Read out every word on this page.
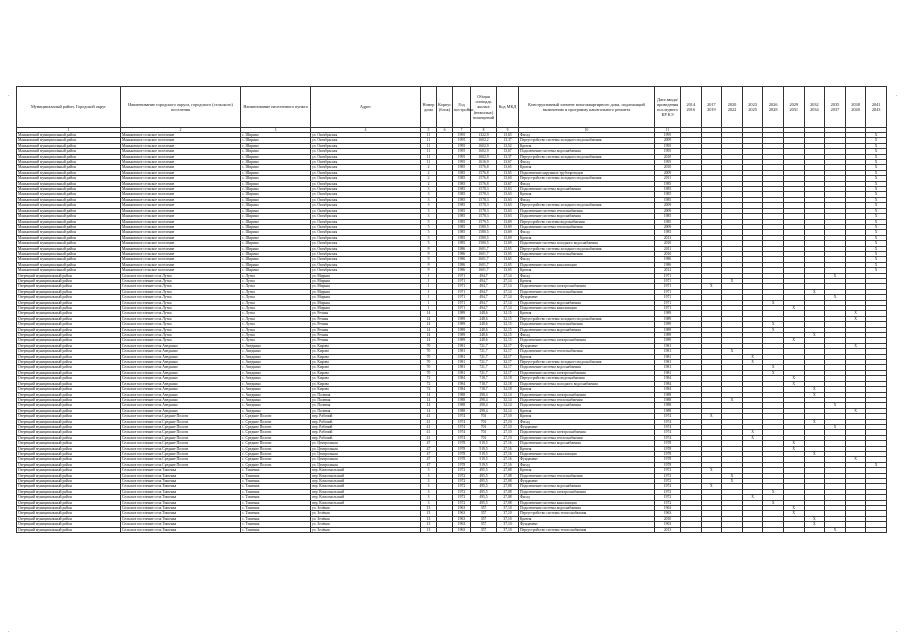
.	.
.	.
Муниципальный район, Городской округ	Наименование городского округа, городского (сельского) поселения	Наименование населенного пункта	Адрес	Номер дома	Корпус (блок)	Год постройки	Общая площадь жилых (нежилых) помещений	Код МКД	Конструктивный элемент многоквартирного дома, подлежащий включению в программу капитального ремонта	Дата ввода/ проведения последнего КР КЭ	2014 2016	2017 2019	2020 2022	2023 2025	2026 2028	2029 2031	2032 2034	2035 2037	2038 2040	2041 2043
1	2	3	4	5	6	7	8	9	10	11										
Маньковский муниципальный район	Маньковское сельское поселение	с. Ширино	ул. Октябрьская	11		1995	1322,9	13,65	Фасад	1995										X
Маньковский муниципальный район	Маньковское сельское поселение	с. Ширино	ул. Октябрьская	11		1995	1602,2	13,37	Переустройство системы холодного водоснабжения	2009										X
Маньковский муниципальный район	Маньковское сельское поселение	с. Ширино	ул. Октябрьская	11		1995	1602,9	13,52	Кровля	1995										X
Маньковский муниципальный район	Маньковское сельское поселение	с. Ширино	ул. Октябрьская	11		1995	1602,9	13,67	Подключение системы водоснабжения	1995										X
Маньковский муниципальный район	Маньковское сельское поселение	с. Ширино	ул. Октябрьская	11		1995	1602,9	13,37	Переустройство системы холодного водоснабжения	2010										X
Маньковский муниципальный район	Маньковское сельское поселение	с. Ширино	ул. Октябрьская	11		1995	1616,9	13,67	Фасад	1995										X
Маньковский муниципальный район	Маньковское сельское поселение	с. Ширино	ул. Октябрьская	2		1985	1576,8	13,65	Кровля	2010										X
Маньковский муниципальный район	Маньковское сельское поселение	с. Ширино	ул. Октябрьская	2		1985	1576,8	13,65	Подключение наружных трубопроводов	2009										X
Маньковский муниципальный район	Маньковское сельское поселение	с. Ширино	ул. Октябрьская	2		1985	1576,8	13,60	Переустройство системы холодного водоснабжения	2011										X
Маньковский муниципальный район	Маньковское сельское поселение	с. Ширино	ул. Октябрьская	2		1985	1576,8	13,67	Фасад	1985										X
Маньковский муниципальный район	Маньковское сельское поселение	с. Ширино	ул. Октябрьская	3		1985	1578,3	13,63	Подключение системы водоснабжения	1985										X
Маньковский муниципальный район	Маньковское сельское поселение	с. Ширино	ул. Октябрьская	3		1985	1578,3	13,63	Кровля	1985										X
Маньковский муниципальный район	Маньковское сельское поселение	с. Ширино	ул. Октябрьская	3		1985	1578,3	13,63	Фасад	1985										X
Маньковский муниципальный район	Маньковское сельское поселение	с. Ширино	ул. Октябрьская	3		1985	1578,3	13,63	Переустройство системы холодного водоснабжения	2009										X
Маньковский муниципальный район	Маньковское сельское поселение	с. Ширино	ул. Октябрьская	3		1985	1578,3	13,63	Подключение системы теплоснабжения	2009										X
Маньковский муниципальный район	Маньковское сельское поселение	с. Ширино	ул. Октябрьская	3		1985	1578,3	13,63	Подключение системы водоснабжения	1985										X
Маньковский муниципальный район	Маньковское сельское поселение	с. Ширино	ул. Октябрьская	5		1985	1579,5	13,69	Переустройство системы водоснабжения	1985										X
Маньковский муниципальный район	Маньковское сельское поселение	с. Ширино	ул. Октябрьская	5		1985	1580,5	13,69	Подключение системы теплоснабжения	2009										X
Маньковский муниципальный район	Маньковское сельское поселение	с. Ширино	ул. Октябрьская	5		1985	1580,5	13,69	Фасад	1985										X
Маньковский муниципальный район	Маньковское сельское поселение	с. Ширино	ул. Октябрьская	5		1985	1580,5	13,69	Кровля	2013										X
Маньковский муниципальный район	Маньковское сельское поселение	с. Ширино	ул. Октябрьская	5		1985	1580,5	13,69	Подключение системы холодного водоснабжения	2010										X
Маньковский муниципальный район	Маньковское сельское поселение	с. Ширино	ул. Октябрьская	9		1986	1601,7	13,65	Переустройство системы холодного водоснабжения	2011										X
Маньковский муниципальный район	Маньковское сельское поселение	с. Ширино	ул. Октябрьская	9		1986	1601,7	13,65	Подключение системы теплоснабжения	2010										X
Маньковский муниципальный район	Маньковское сельское поселение	с. Ширино	ул. Октябрьская	9		1986	1601,7	13,65	Фасад	1986										X
Маньковский муниципальный район	Маньковское сельское поселение	с. Ширино	ул. Октябрьская	9		1986	1601,7	13,65	Подключение системы канализации	1986										X
Маньковский муниципальный район	Маньковское сельское поселение	с. Ширино	ул. Октябрьская	9		1986	1601,7	13,65	Кровля	2012										X
Озерецкий муниципальный район	Сельское поселение села Лутка	с. Лутка	ул. Мирная	1		1971	494,7	27,14	Фасад	1971								X		
Озерецкий муниципальный район	Сельское поселение села Лутка	с. Лутка	ул. Мирная	1		1971	494,7	27,14	Кровля	1971			X							
Озерецкий муниципальный район	Сельское поселение села Лутка	с. Лутка	ул. Мирная	1		1971	494,7	27,14	Подключение системы электроснабжения	1971		X								
Озерецкий муниципальный район	Сельское поселение села Лутка	с. Лутка	ул. Мирная	1		1971	494,7	27,14	Подключение системы теплоснабжения	1971							X			
Озерецкий муниципальный район	Сельское поселение села Лутка	с. Лутка	ул. Мирная	1		1971	494,7	27,14	Фундамент	1971								X		
Озерецкий муниципальный район	Сельское поселение села Лутка	с. Лутка	ул. Мирная	1		1971	494,7	27,14	Подключение системы водоснабжения	1971					X					
Озерецкий муниципальный район	Сельское поселение села Лутка	с. Лутка	ул. Мирная	1		1971	494,7	27,14	Подключение системы канализации	1971						X				
Озерецкий муниципальный район	Сельское поселение села Лутка	с. Лутка	ул. Речная	14		1989	248,6	32,15	Кровля	1989									X	
Озерецкий муниципальный район	Сельское поселение села Лутка	с. Лутка	ул. Речная	14		1989	248,6	32,15	Переустройство системы холодного водоснабжения	1989									X	
Озерецкий муниципальный район	Сельское поселение села Лутка	с. Лутка	ул. Речная	14		1989	248,6	32,15	Подключение системы теплоснабжения	1989					X					
Озерецкий муниципальный район	Сельское поселение села Лутка	с. Лутка	ул. Речная	14		1989	248,6	32,15	Подключение системы водоснабжения	1989					X					
Озерецкий муниципальный район	Сельское поселение села Лутка	с. Лутка	ул. Речная	14		1989	248,6	32,15	Фасад	1989							X			
Озерецкий муниципальный район	Сельское поселение села Лутка	с. Лутка	ул. Речная	14		1989	248,6	32,15	Подключение системы электроснабжения	1989						X				
Озерецкий муниципальный район	Сельское поселение села Аведкино	с. Аведкино	ул. Кирова	70		1981	721,7	32,17	Фундамент	1981									X	
Озерецкий муниципальный район	Сельское поселение села Аведкино	с. Аведкино	ул. Кирова	70		1981	721,7	32,17	Подключение системы теплоснабжения	1981			X							
Озерецкий муниципальный район	Сельское поселение села Аведкино	с. Аведкино	ул. Кирова	70		1981	721,7	32,17	Кровля	1981				X						
Озерецкий муниципальный район	Сельское поселение села Аведкино	с. Аведкино	ул. Кирова	70		1981	721,7	32,17	Переустройство системы холодного водоснабжения	1981				X						
Озерецкий муниципальный район	Сельское поселение села Аведкино	с. Аведкино	ул. Кирова	70		1981	721,7	32,17	Подключение системы водоснабжения	1981					X					
Озерецкий муниципальный район	Сельское поселение села Аведкино	с. Аведкино	ул. Кирова	70		1981	721,7	32,17	Подключение системы электроснабжения	1981					X					
Озерецкий муниципальный район	Сельское поселение села Аведкино	с. Аведкино	ул. Кирова	72		1984	718,7	32,18	Переустройство системы водоснабжения	1984						X				
Озерецкий муниципальный район	Сельское поселение села Аведкино	с. Аведкино	ул. Кирова	72		1984	718,7	32,18	Подключение системы холодного водоснабжения	1984						X				
Озерецкий муниципальный район	Сельское поселение села Аведкино	с. Аведкино	ул. Кирова	72		1984	718,7	32,18	Кровля	1984							X			
Озерецкий муниципальный район	Сельское поселение села Аведкино	с. Аведкино	ул. Полевая	14		1988	298,4	32,14	Подключение системы электроснабжения	1988							X			
Озерецкий муниципальный район	Сельское поселение села Аведкино	с. Аведкино	ул. Полевая	14		1988	298,4	32,14	Подключение системы теплоснабжения	1988			X							
Озерецкий муниципальный район	Сельское поселение села Аведкино	с. Аведкино	ул. Полевая	14		1988	298,4	32,14	Подключение системы водоснабжения	1988								X		
Озерецкий муниципальный район	Сельское поселение села Аведкино	с. Аведкино	ул. Полевая	14		1988	298,4	32,14	Кровля	1988									X	
Озерецкий муниципальный район	Сельское поселение села Средние Пологи	с. Средние Пологи	пер. Рабочий	41		1974	701	27,10	Кровля	1974		X								
Озерецкий муниципальный район	Сельское поселение села Средние Пологи	с. Средние Пологи	пер. Рабочий	41		1974	701	27,10	Фасад	1974							X			
Озерецкий муниципальный район	Сельское поселение села Средние Пологи	с. Средние Пологи	пер. Рабочий	41		1974	701	27,10	Фундамент	1974								X		
Озерецкий муниципальный район	Сельское поселение села Средние Пологи	с. Средние Пологи	пер. Рабочий	41		1974	701	27,10	Подключение системы электроснабжения	1974				X						
Озерецкий муниципальный район	Сельское поселение села Средние Пологи	с. Средние Пологи	пер. Рабочий	41		1974	701	27,10	Подключение системы теплоснабжения	1974				X						
Озерецкий муниципальный район	Сельское поселение села Средние Пологи	с. Средние Пологи	ул. Центральная	47		1978	519,5	27,16	Подключение системы водоснабжения	1978						X				
Озерецкий муниципальный район	Сельское поселение села Средние Пологи	с. Средние Пологи	ул. Центральная	47		1978	519,5	27,16	Кровля	1978						X				
Озерецкий муниципальный район	Сельское поселение села Средние Пологи	с. Средние Пологи	ул. Центральная	47		1978	519,5	27,16	Подключение системы канализации	1978							X			
Озерецкий муниципальный район	Сельское поселение села Средние Пологи	с. Средние Пологи	ул. Центральная	47		1978	519,5	27,16	Фундамент	1978									X	
Озерецкий муниципальный район	Сельское поселение села Средние Пологи	с. Средние Пологи	ул. Центральная	47		1978	519,5	27,16	Фасад	1978										X
Озерецкий муниципальный район	Сельское поселение села Тишенка	с. Тишенка	пер. Комсомольский	3		1972	495,5	27,08	Кровля	1972		X								
Озерецкий муниципальный район	Сельское поселение села Тишенка	с. Тишенка	пер. Комсомольский	3		1972	495,5	27,08	Подключение системы теплоснабжения	1972			X							
Озерецкий муниципальный район	Сельское поселение села Тишенка	с. Тишенка	пер. Комсомольский	3		1972	495,5	27,08	Фундамент	1972			X							
Озерецкий муниципальный район	Сельское поселение села Тишенка	с. Тишенка	пер. Комсомольский	3		1972	495,5	27,08	Подключение системы водоснабжения	1972		X								
Озерецкий муниципальный район	Сельское поселение села Тишенка	с. Тишенка	пер. Комсомольский	3		1972	495,5	27,08	Подключение системы электроснабжения	1972					X					
Озерецкий муниципальный район	Сельское поселение села Тишенка	с. Тишенка	пер. Комсомольский	3		1972	495,5	27,08	Фасад	1972				X						
Озерецкий муниципальный район	Сельское поселение села Тишенка	с. Тишенка	пер. Комсомольский	3		1972	495,5	27,08	Подключение системы канализации	1972					X					
Озерецкий муниципальный район	Сельское поселение села Тишенка	с. Тишенка	ул. Зелёная	13		1963	357	37,10	Подключение системы водоснабжения	1963						X				
Озерецкий муниципальный район	Сельское поселение села Тишенка	с. Тишенка	ул. Зелёная	13		1963	357	37,10	Переустройство системы теплоснабжения	1963						X				
Озерецкий муниципальный район	Сельское поселение села Тишенка	с. Тишенка	ул. Зелёная	13		1963	357	37,10	Кровля	2010							X			
Озерецкий муниципальный район	Сельское поселение села Тишенка	с. Тишенка	ул. Зелёная	13		1963	357	37,10	Фундамент	1963							X			
Озерецкий муниципальный район	Сельское поселение села Тишенка	с. Тишенка	ул. Зелёная	13		1963	357	37,10	Переустройство системы теплоснабжения	2013								X		
